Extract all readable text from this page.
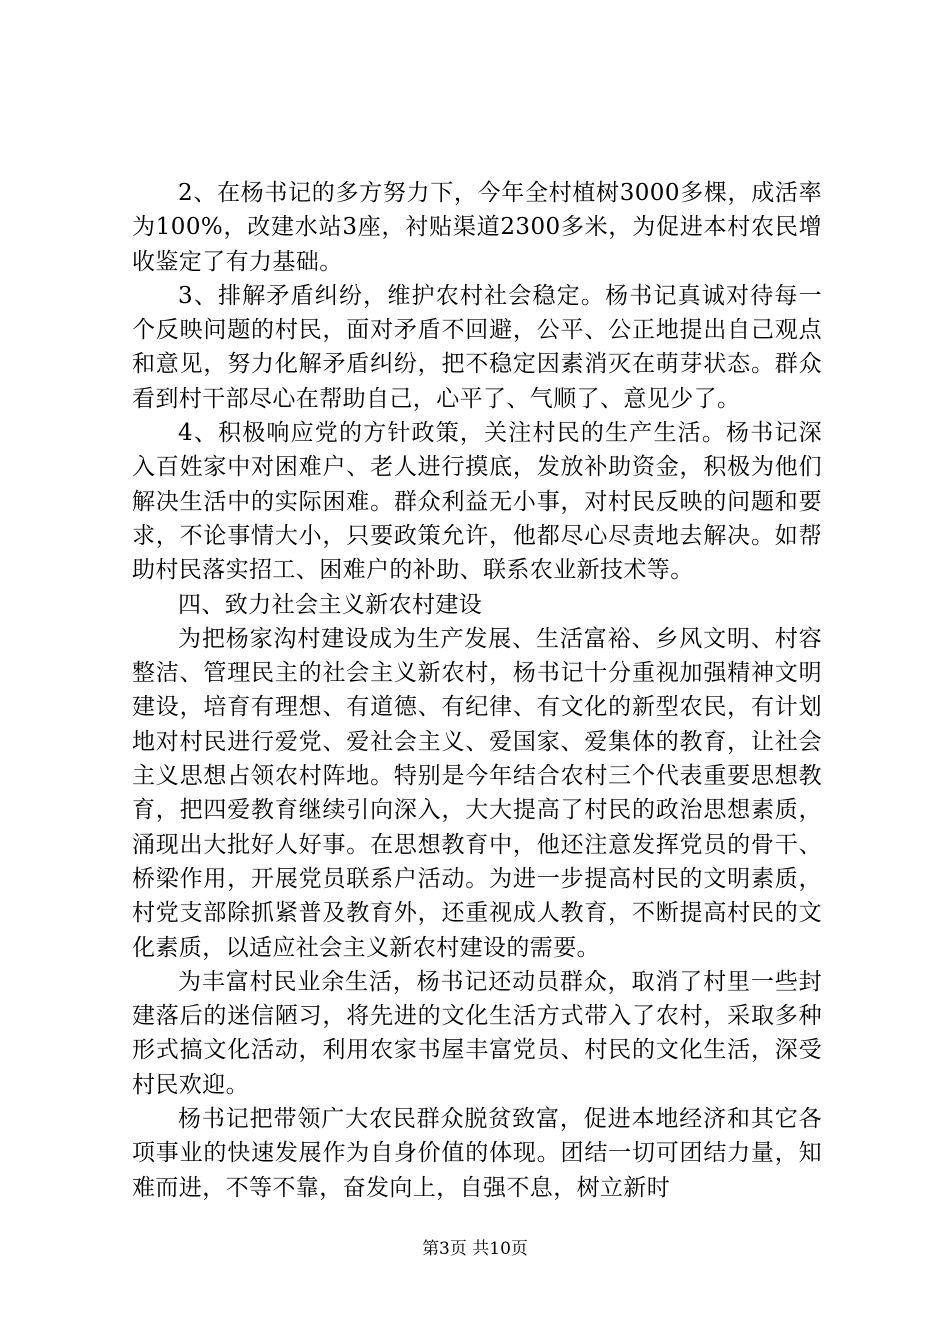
2、在杨书记的多方努力下，今年全村植树3000多棵，成活率为100%，改建水站3座，衬贴渠道2300多米，为促进本村农民增收鉴定了有力基础。

3、排解矛盾纠纷，维护农村社会稳定。杨书记真诚对待每一个反映问题的村民，面对矛盾不回避，公平、公正地提出自己观点和意见，努力化解矛盾纠纷，把不稳定因素消灭在萌芽状态。群众看到村干部尽心在帮助自己，心平了、气顺了、意见少了。

4、积极响应党的方针政策，关注村民的生产生活。杨书记深入百姓家中对困难户、老人进行摸底，发放补助资金，积极为他们解决生活中的实际困难。群众利益无小事，对村民反映的问题和要求，不论事情大小，只要政策允许，他都尽心尽责地去解决。如帮助村民落实招工、困难户的补助、联系农业新技术等。

四、致力社会主义新农村建设

为把杨家沟村建设成为生产发展、生活富裕、乡风文明、村容整洁、管理民主的社会主义新农村，杨书记十分重视加强精神文明建设，培育有理想、有道德、有纪律、有文化的新型农民，有计划地对村民进行爱党、爱社会主义、爱国家、爱集体的教育，让社会主义思想占领农村阵地。特别是今年结合农村三个代表重要思想教育，把四爱教育继续引向深入，大大提高了村民的政治思想素质，涌现出大批好人好事。在思想教育中，他还注意发挥党员的骨干、桥梁作用，开展党员联系户活动。为进一步提高村民的文明素质，村党支部除抓紧普及教育外，还重视成人教育，不断提高村民的文化素质，以适应社会主义新农村建设的需要。

为丰富村民业余生活，杨书记还动员群众，取消了村里一些封建落后的迷信陋习，将先进的文化生活方式带入了农村，采取多种形式搞文化活动，利用农家书屋丰富党员、村民的文化生活，深受村民欢迎。

杨书记把带领广大农民群众脱贫致富，促进本地经济和其它各项事业的快速发展作为自身价值的体现。团结一切可团结力量，知难而进，不等不靠，奋发向上，自强不息，树立新时

第3页 共10页
